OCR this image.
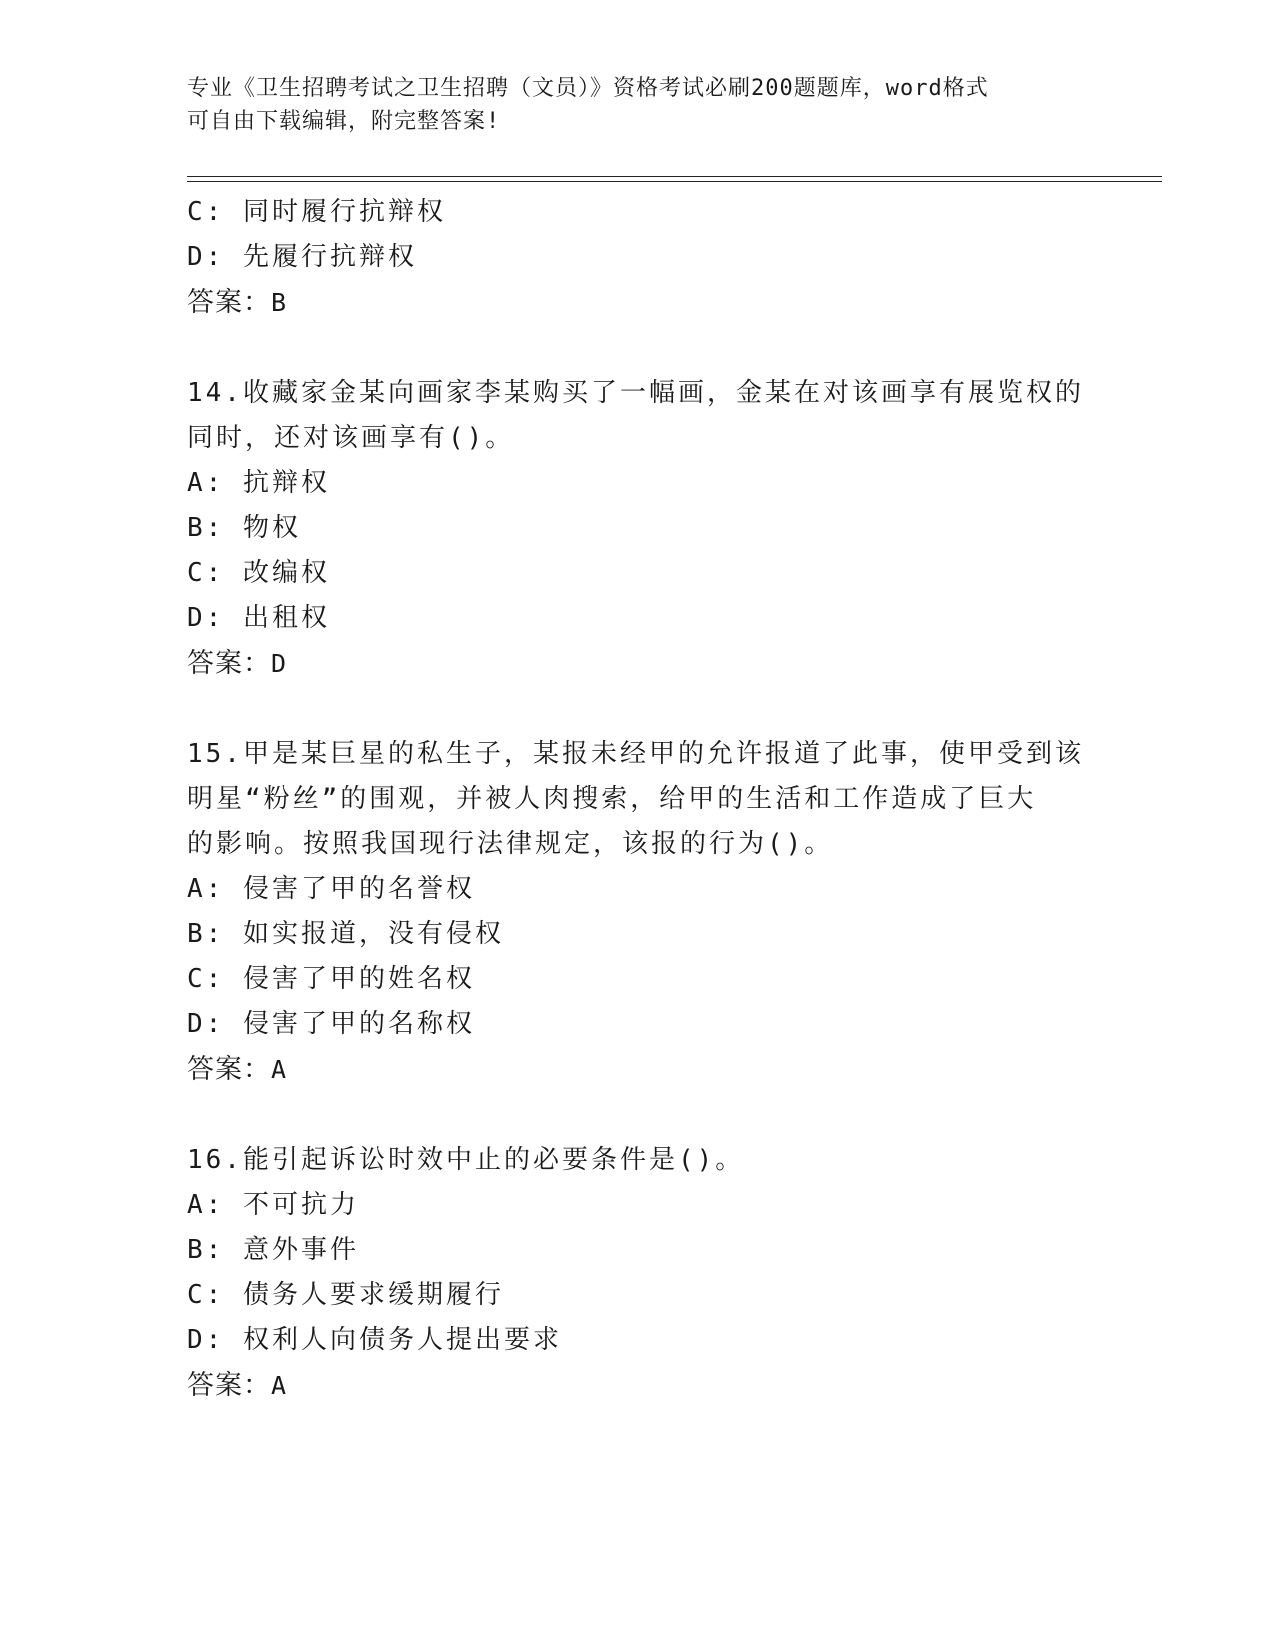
专业《卫生招聘考试之卫生招聘（文员）》资格考试必刷200题题库，word格式
可自由下载编辑，附完整答案!
C: 同时履行抗辩权
D: 先履行抗辩权
答案：B
14.收藏家金某向画家李某购买了一幅画，金某在对该画享有展览权的
同时，还对该画享有()。
A: 抗辩权
B: 物权
C: 改编权
D: 出租权
答案：D
15.甲是某巨星的私生子，某报未经甲的允许报道了此事，使甲受到该
明星“粉丝”的围观，并被人肉搜索，给甲的生活和工作造成了巨大
的影响。按照我国现行法律规定，该报的行为()。
A: 侵害了甲的名誉权
B: 如实报道，没有侵权
C: 侵害了甲的姓名权
D: 侵害了甲的名称权
答案：A
16.能引起诉讼时效中止的必要条件是()。
A: 不可抗力
B: 意外事件
C: 债务人要求缓期履行
D: 权利人向债务人提出要求
答案：A
